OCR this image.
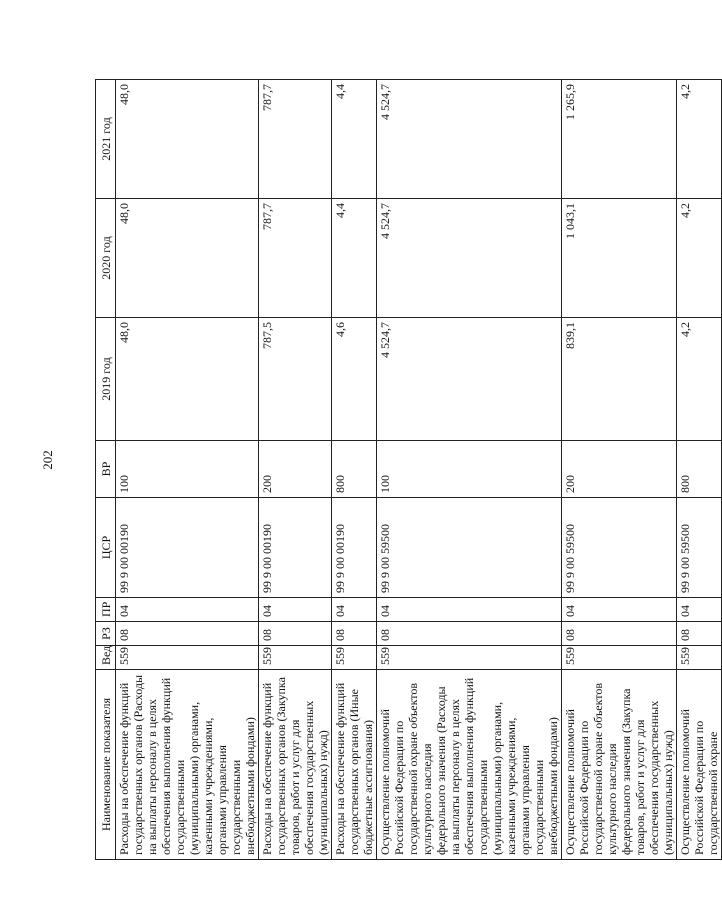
202
Наименование показателя	Вед	РЗ	ПР	ЦСР	ВР	2019 год	2020 год	2021 год
Расходы на обеспечение функций государственных органов (Расходы на выплаты персоналу в целях обеспечения выполнения функций государственными (муниципальными) органами, казенными учреждениями, органами управления государственными внебюджетными фондами)	559	08	04	99 9 00 00190	100	48,0	48,0	48,0
Расходы на обеспечение функций государственных органов (Закупка товаров, работ и услуг для обеспечения государственных (муниципальных) нужд)	559	08	04	99 9 00 00190	200	787,5	787,7	787,7
Расходы на обеспечение функций государственных органов (Иные бюджетные ассигнования)	559	08	04	99 9 00 00190	800	4,6	4,4	4,4
Осуществление полномочий Российской Федерации по государственной охране объектов культурного наследия федерального значения (Расходы на выплаты персоналу в целях обеспечения выполнения функций государственными (муниципальными) органами, казенными учреждениями, органами управления государственными внебюджетными фондами)	559	08	04	99 9 00 59500	100	4 524,7	4 524,7	4 524,7
Осуществление полномочий Российской Федерации по государственной охране объектов культурного наследия федерального значения (Закупка товаров, работ и услуг для обеспечения государственных (муниципальных) нужд)	559	08	04	99 9 00 59500	200	839,1	1 043,1	1 265,9
Осуществление полномочий Российской Федерации по государственной охране	559	08	04	99 9 00 59500	800	4,2	4,2	4,2
